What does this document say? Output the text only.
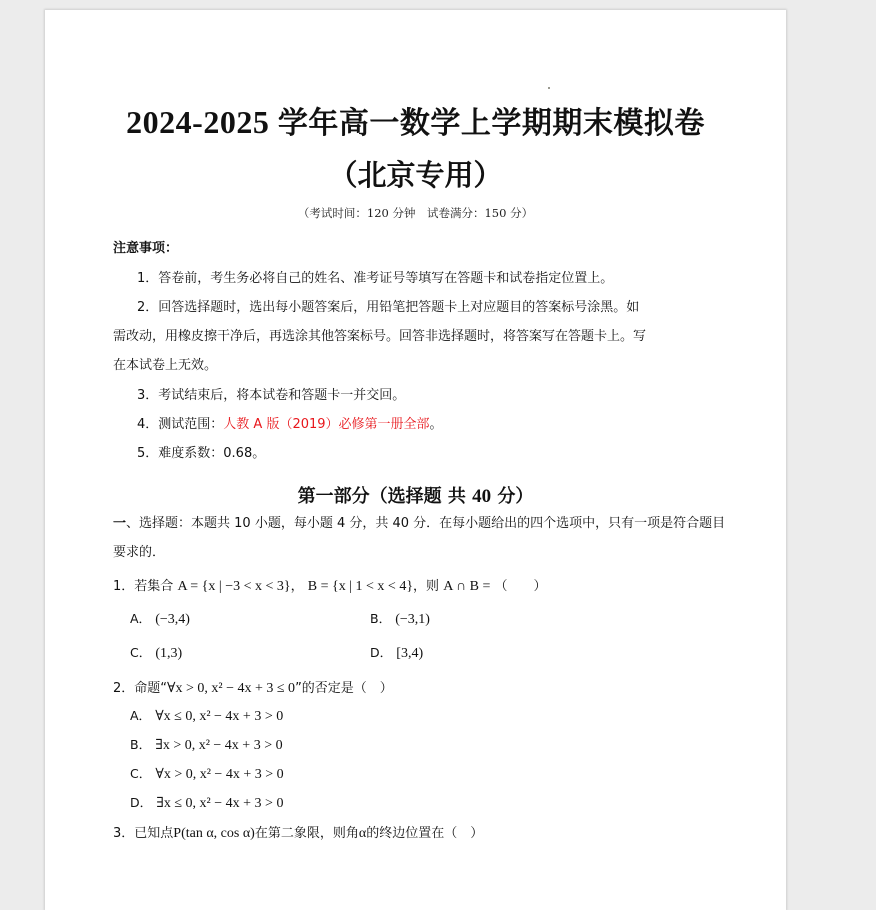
2024-2025 学年高一数学上学期期末模拟卷
（北京专用）
（考试时间：120 分钟　试卷满分：150 分）
注意事项：
1．答卷前，考生务必将自己的姓名、准考证号等填写在答题卡和试卷指定位置上。
2．回答选择题时，选出每小题答案后，用铅笔把答题卡上对应题目的答案标号涂黑。如
需改动，用橡皮擦干净后，再选涂其他答案标号。回答非选择题时，将答案写在答题卡上。写
在本试卷上无效。
3．考试结束后，将本试卷和答题卡一并交回。
4．测试范围：人教 A 版（2019）必修第一册全部。
5．难度系数：0.68。
第一部分（选择题 共 40 分）
一、选择题：本题共 10 小题，每小题 4 分，共 40 分．在每小题给出的四个选项中，只有一项是符合题目
要求的．
1．若集合 A = {x | −3 < x < 3}， B = {x | 1 < x < 4}，则 A ∩ B = （　　）
A． (−3,4)	B． (−3,1)
C． (1,3)	D． [3,4)
2．命题“∀x > 0, x² − 4x + 3 ≤ 0”的否定是（　）
A． ∀x ≤ 0, x² − 4x + 3 > 0
B． ∃x > 0, x² − 4x + 3 > 0
C． ∀x > 0, x² − 4x + 3 > 0
D． ∃x ≤ 0, x² − 4x + 3 > 0
3．已知点P(tan α, cos α)在第二象限，则角α的终边位置在（　）
